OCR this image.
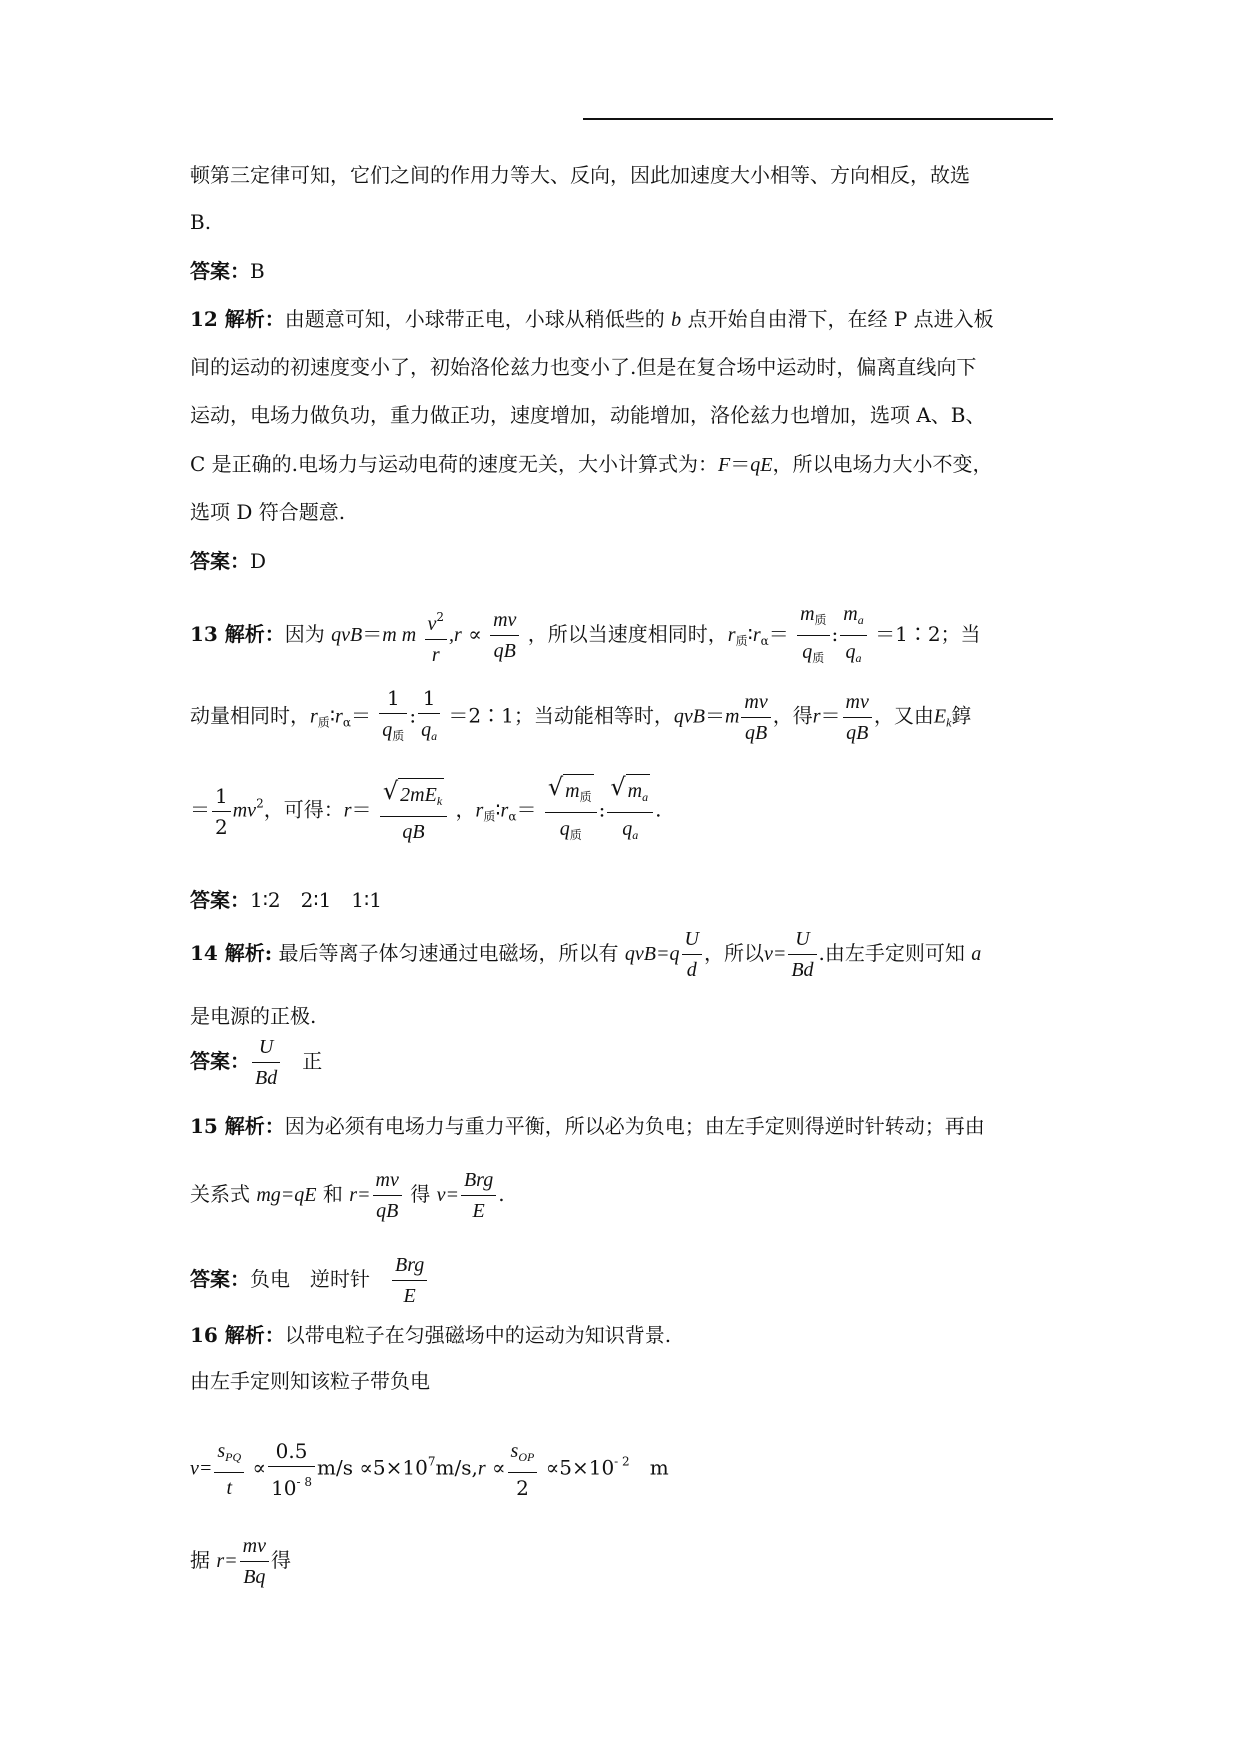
顿第三定律可知，它们之间的作用力等大、反向，因此加速度大小相等、方向相反，故选
B.
答案：B
12 解析：由题意可知，小球带正电，小球从稍低些的 b 点开始自由滑下，在经 P 点进入板
间的运动的初速度变小了，初始洛伦兹力也变小了.但是在复合场中运动时，偏离直线向下
运动，电场力做负功，重力做正功，速度增加，动能增加，洛伦兹力也增加，选项 A、B、
C 是正确的.电场力与运动电荷的速度无关，大小计算式为：F＝qE，所以电场力大小不变，
选项 D 符合题意.
答案：D
13 解析：因为 qvB＝m m $\frac{v^2}{r} ,r \propto \frac{mv}{qB}$ ，所以当速度相同时，$r_质∶r_\alpha= \frac{m_质}{q_质}$ : $\frac{m_a}{q_a}$ ＝1∶2；当
动量相同时，$r_质∶r_\alpha= \frac{1}{q_质}$ : $\frac{1}{q_a}$ ＝2∶1；当动能相等时，$qvB=m \frac{mv}{qB}$ ，得$r= \frac{mv}{qB}$ ，又由$E_k$錞
＝ $\frac{1}{2} mv^2$，可得：$r= \frac{√ 2mE_k}{qB}$ ，$r_质∶r_\alpha= \frac{√ m_质}{q_质}$ : $\frac{√ m_a}{q_a}$ .
答案：1∶2　2∶1　1∶1
14 解析: 最后等离子体匀速通过电磁场，所以有 $qvB=q \frac{U}{d}$ ，所以$v= \frac{U}{Bd}$ .由左手定则可知 a
是电源的正极.
答案： $\frac{U}{Bd}$
　 正
15 解析：因为必须有电场力与重力平衡，所以必为负电；由左手定则得逆时针转动；再由
关系式 mg=qE 和 $r= \frac{mv}{qB}$ 得 $v= \frac{\text{Brg}}{E}$ .
答案：负电　逆时针　 $\frac{\text{Brg}}{E}$
16 解析：以带电粒子在匀强磁场中的运动为知识背景.
由左手定则知该粒子带负电
$v= \frac{s_{PQ}}{t} \propto \frac{0.5}{10^{- 8}} m/s \propto 5\times 10^7m/s,r \propto \frac{s_{OP}}{2} \propto 5\times 10^{- 2}$　 m
据 $r= \frac{mv}{Bq}$ 得
